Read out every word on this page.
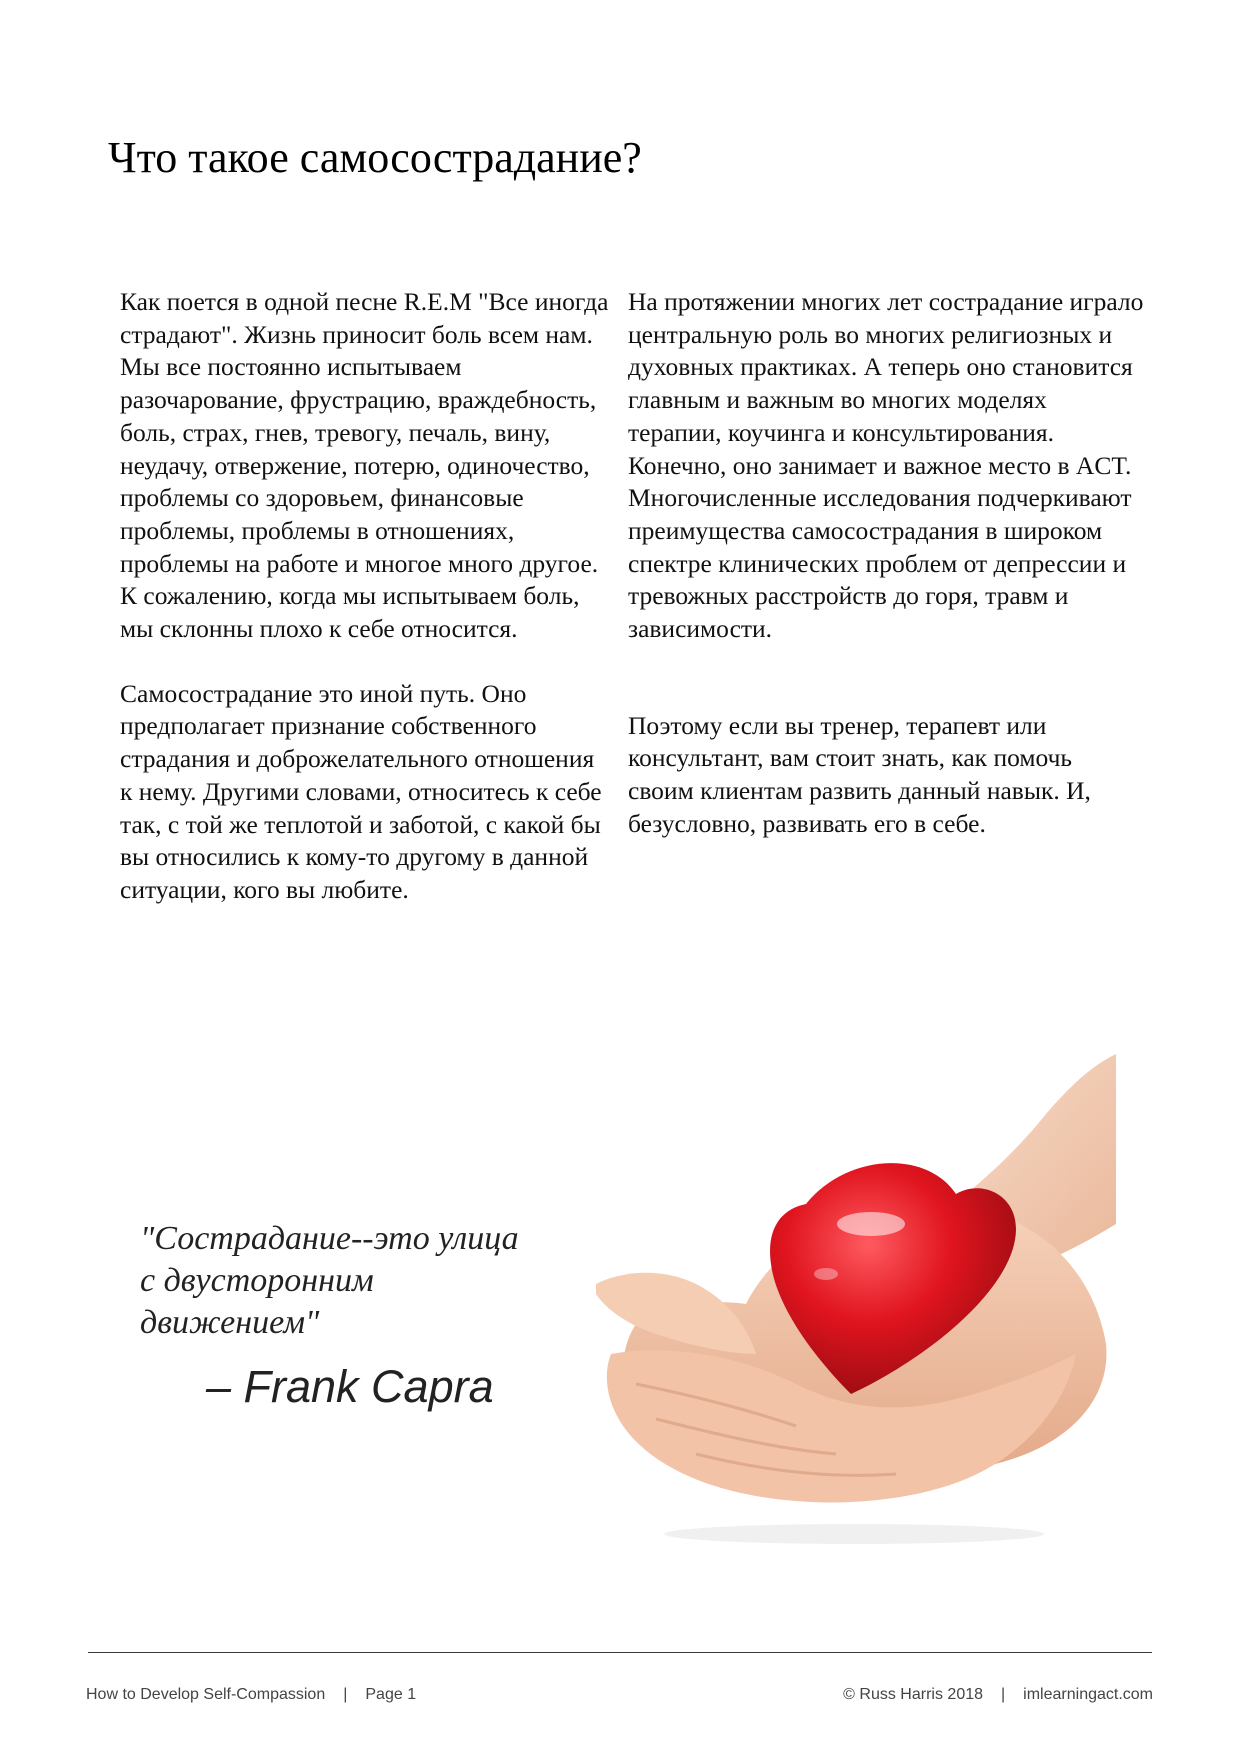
Что такое самосострадание?

Как поется в одной песне R.E.M "Все иногда страдают". Жизнь приносит боль всем нам. Мы все постоянно испытываем разочарование, фрустрацию, враждебность, боль, страх, гнев, тревогу, печаль, вину, неудачу, отвержение, потерю, одиночество, проблемы со здоровьем, финансовые проблемы, проблемы в отношениях, проблемы на работе и многое много другое. К сожалению, когда мы испытываем боль, мы склонны плохо к себе относится.

Самосострадание это иной путь. Оно предполагает признание собственного страдания и доброжелательного отношения к нему. Другими словами, относитесь к себе так, с той же теплотой и заботой, с какой бы вы относились к кому-то другому в данной ситуации, кого вы любите.

На протяжении многих лет сострадание играло центральную роль во многих религиозных и духовных практиках. А теперь оно становится главным и важным во многих моделях терапии, коучинга и консультирования. Конечно, оно занимает и важное место в ACT. Многочисленные исследования подчеркивают преимущества самосострадания в широком спектре клинических проблем от депрессии и тревожных расстройств до горя, травм и зависимости.

Поэтому если вы тренер, терапевт или консультант, вам стоит знать, как помочь своим клиентам развить данный навык. И, безусловно, развивать его в себе.

"Сострадание--это улица
с двусторонним
движением"
– Frank Capra
How to Develop Self-Compassion | Page 1	© Russ Harris 2018 | imlearningact.com
